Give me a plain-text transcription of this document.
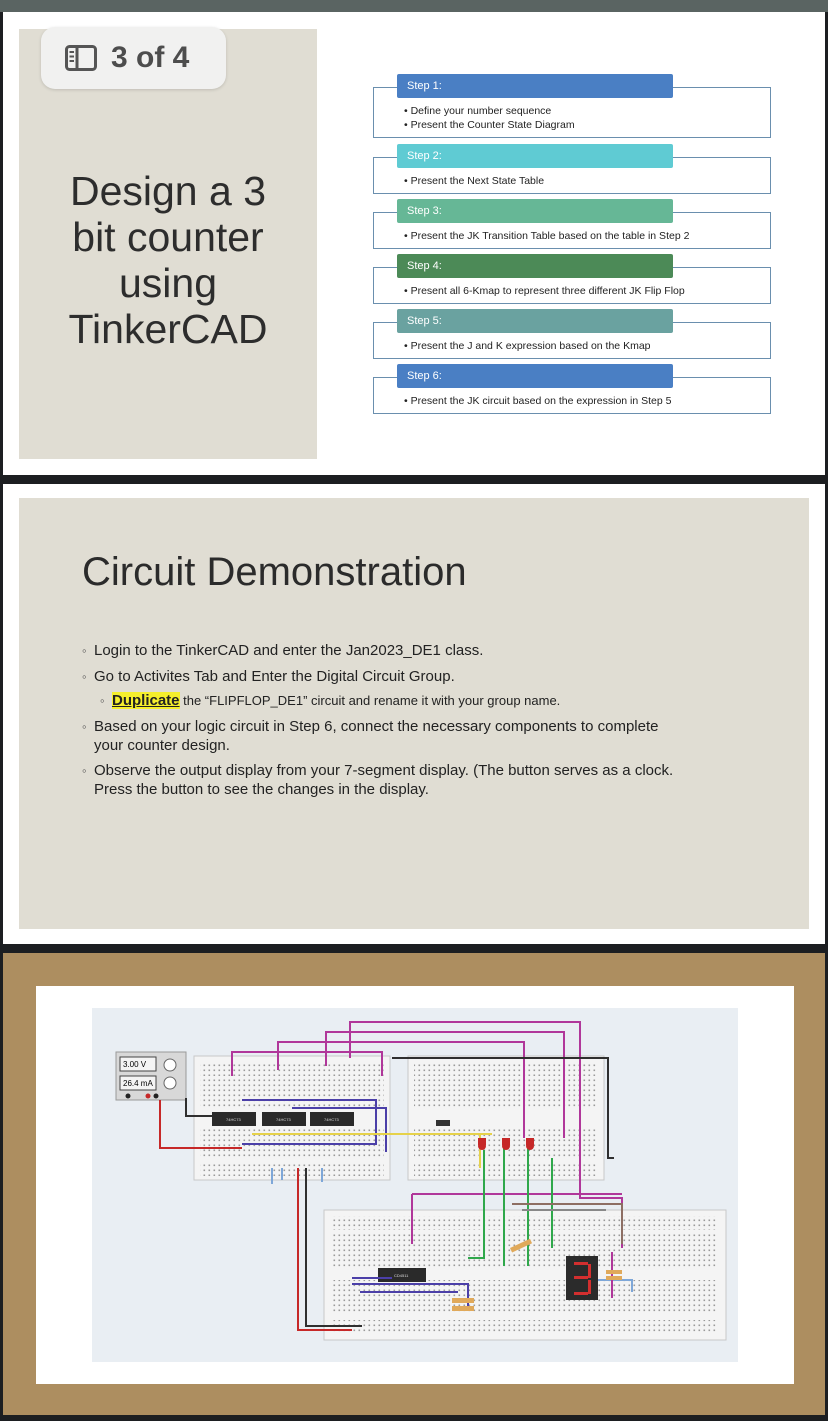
3 of 4
Design a 3
bit counter
using
TinkerCAD
• Define your number sequence
• Present the Counter State Diagram
Step 1:
• Present the Next State Table
Step 2:
• Present the JK Transition Table based on the table in Step 2
Step 3:
• Present all 6-Kmap to represent three different JK Flip Flop
Step 4:
• Present the J and K expression based on the Kmap
Step 5:
• Present the JK circuit based on the expression in Step 5
Step 6:
Circuit Demonstration
◦ Login to the TinkerCAD and enter the Jan2023_DE1 class.
◦ Go to Activites Tab and Enter the Digital Circuit Group.
◦ Duplicate the “FLIPFLOP_DE1” circuit and rename it with your group name.
◦ Based on your logic circuit in Step 6, connect the necessary components to complete
your counter design.
◦ Observe the output display from your 7-segment display. (The button serves as a clock.
Press the button to see the changes in the display.
3.00 V
26.4 mA
74HC73	74HC73	74HC73
CD4511
